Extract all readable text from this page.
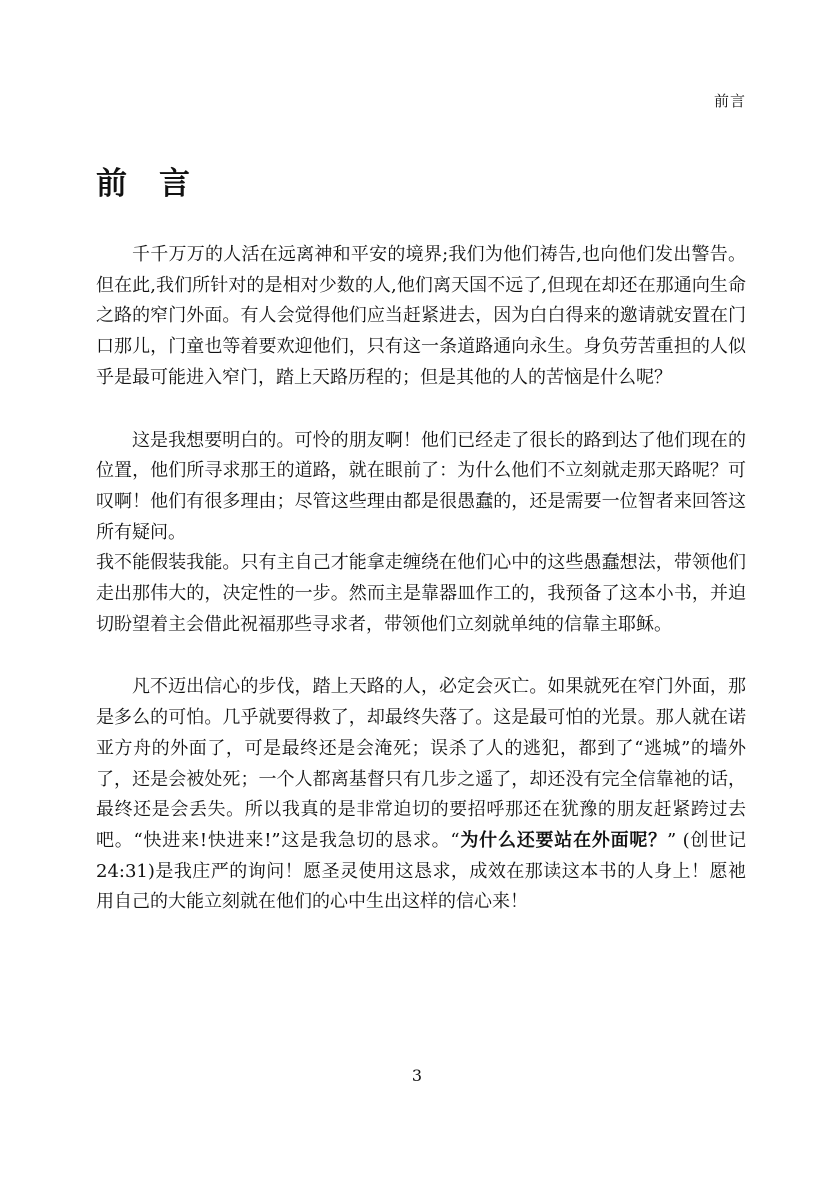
前言
前 言

千千万万的人活在远离神和平安的境界;我们为他们祷告,也向他们发出警告。 但在此,我们所针对的是相对少数的人,他们离天国不远了,但现在却还在那通向生命之路的窄门外面。有人会觉得他们应当赶紧进去，因为白白得来的邀请就安置在门口那儿，门童也等着要欢迎他们，只有这一条道路通向永生。身负劳苦重担的人似乎是最可能进入窄门，踏上天路历程的；但是其他的人的苦恼是什么呢？

这是我想要明白的。可怜的朋友啊！他们已经走了很长的路到达了他们现在的位置，他们所寻求那王的道路，就在眼前了：为什么他们不立刻就走那天路呢？可叹啊！他们有很多理由；尽管这些理由都是很愚蠢的，还是需要一位智者来回答这所有疑问。

我不能假装我能。只有主自己才能拿走缠绕在他们心中的这些愚蠢想法，带领他们走出那伟大的，决定性的一步。然而主是靠器皿作工的，我预备了这本小书，并迫切盼望着主会借此祝福那些寻求者，带领他们立刻就单纯的信靠主耶稣。

凡不迈出信心的步伐，踏上天路的人，必定会灭亡。如果就死在窄门外面，那是多么的可怕。几乎就要得救了，却最终失落了。这是最可怕的光景。那人就在诺亚方舟的外面了，可是最终还是会淹死；误杀了人的逃犯，都到了“逃城”的墙外了，还是会被处死；一个人都离基督只有几步之遥了，却还没有完全信靠祂的话，最终还是会丢失。所以我真的是非常迫切的要招呼那还在犹豫的朋友赶紧跨过去吧。“快进来!快进来!”这是我急切的恳求。“为什么还要站在外面呢？” (创世记 24:31)是我庄严的询问！愿圣灵使用这恳求，成效在那读这本书的人身上！愿祂用自己的大能立刻就在他们的心中生出这样的信心来！

3
